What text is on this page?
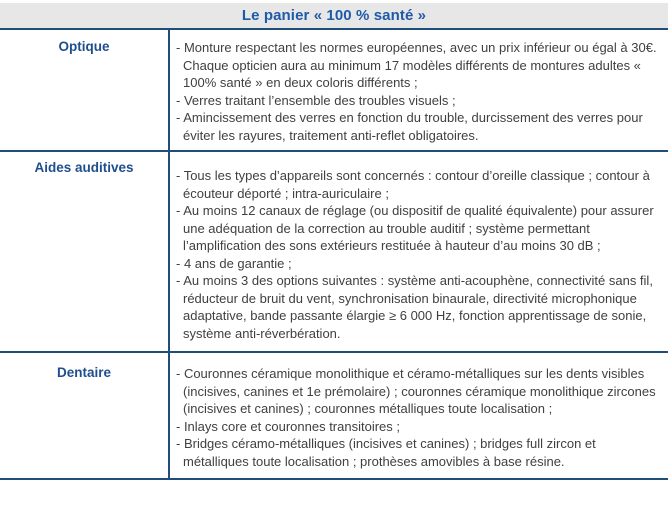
Le panier « 100 % santé »
Optique	- Monture respectant les normes européennes, avec un prix inférieur ou égal à 30€. Chaque opticien aura au minimum 17 modèles différents de montures adultes « 100% santé » en deux coloris différents ;
- Verres traitant l’ensemble des troubles visuels ;
- Amincissement des verres en fonction du trouble, durcissement des verres pour éviter les rayures, traitement anti-reflet obligatoires.
Aides auditives
- Tous les types d’appareils sont concernés : contour d’oreille classique ; contour à écouteur déporté ; intra-auriculaire ;
- Au moins 12 canaux de réglage (ou dispositif de qualité équivalente) pour assurer une adéquation de la correction au trouble auditif ; système permettant l’amplification des sons extérieurs restituée à hauteur d’au moins 30 dB ;
- 4 ans de garantie ;
- Au moins 3 des options suivantes : système anti-acouphène, connectivité sans fil, réducteur de bruit du vent, synchronisation binaurale, directivité microphonique adaptative, bande passante élargie ≥ 6 000 Hz, fonction apprentissage de sonie, système anti-réverbération.
Dentaire	- Couronnes céramique monolithique et céramo-métalliques sur les dents visibles (incisives, canines et 1e prémolaire) ; couronnes céramique monolithique zircones (incisives et canines) ; couronnes métalliques toute localisation ;
- Inlays core et couronnes transitoires ;
- Bridges céramo-métalliques (incisives et canines) ; bridges full zircon et métalliques toute localisation ; prothèses amovibles à base résine.
